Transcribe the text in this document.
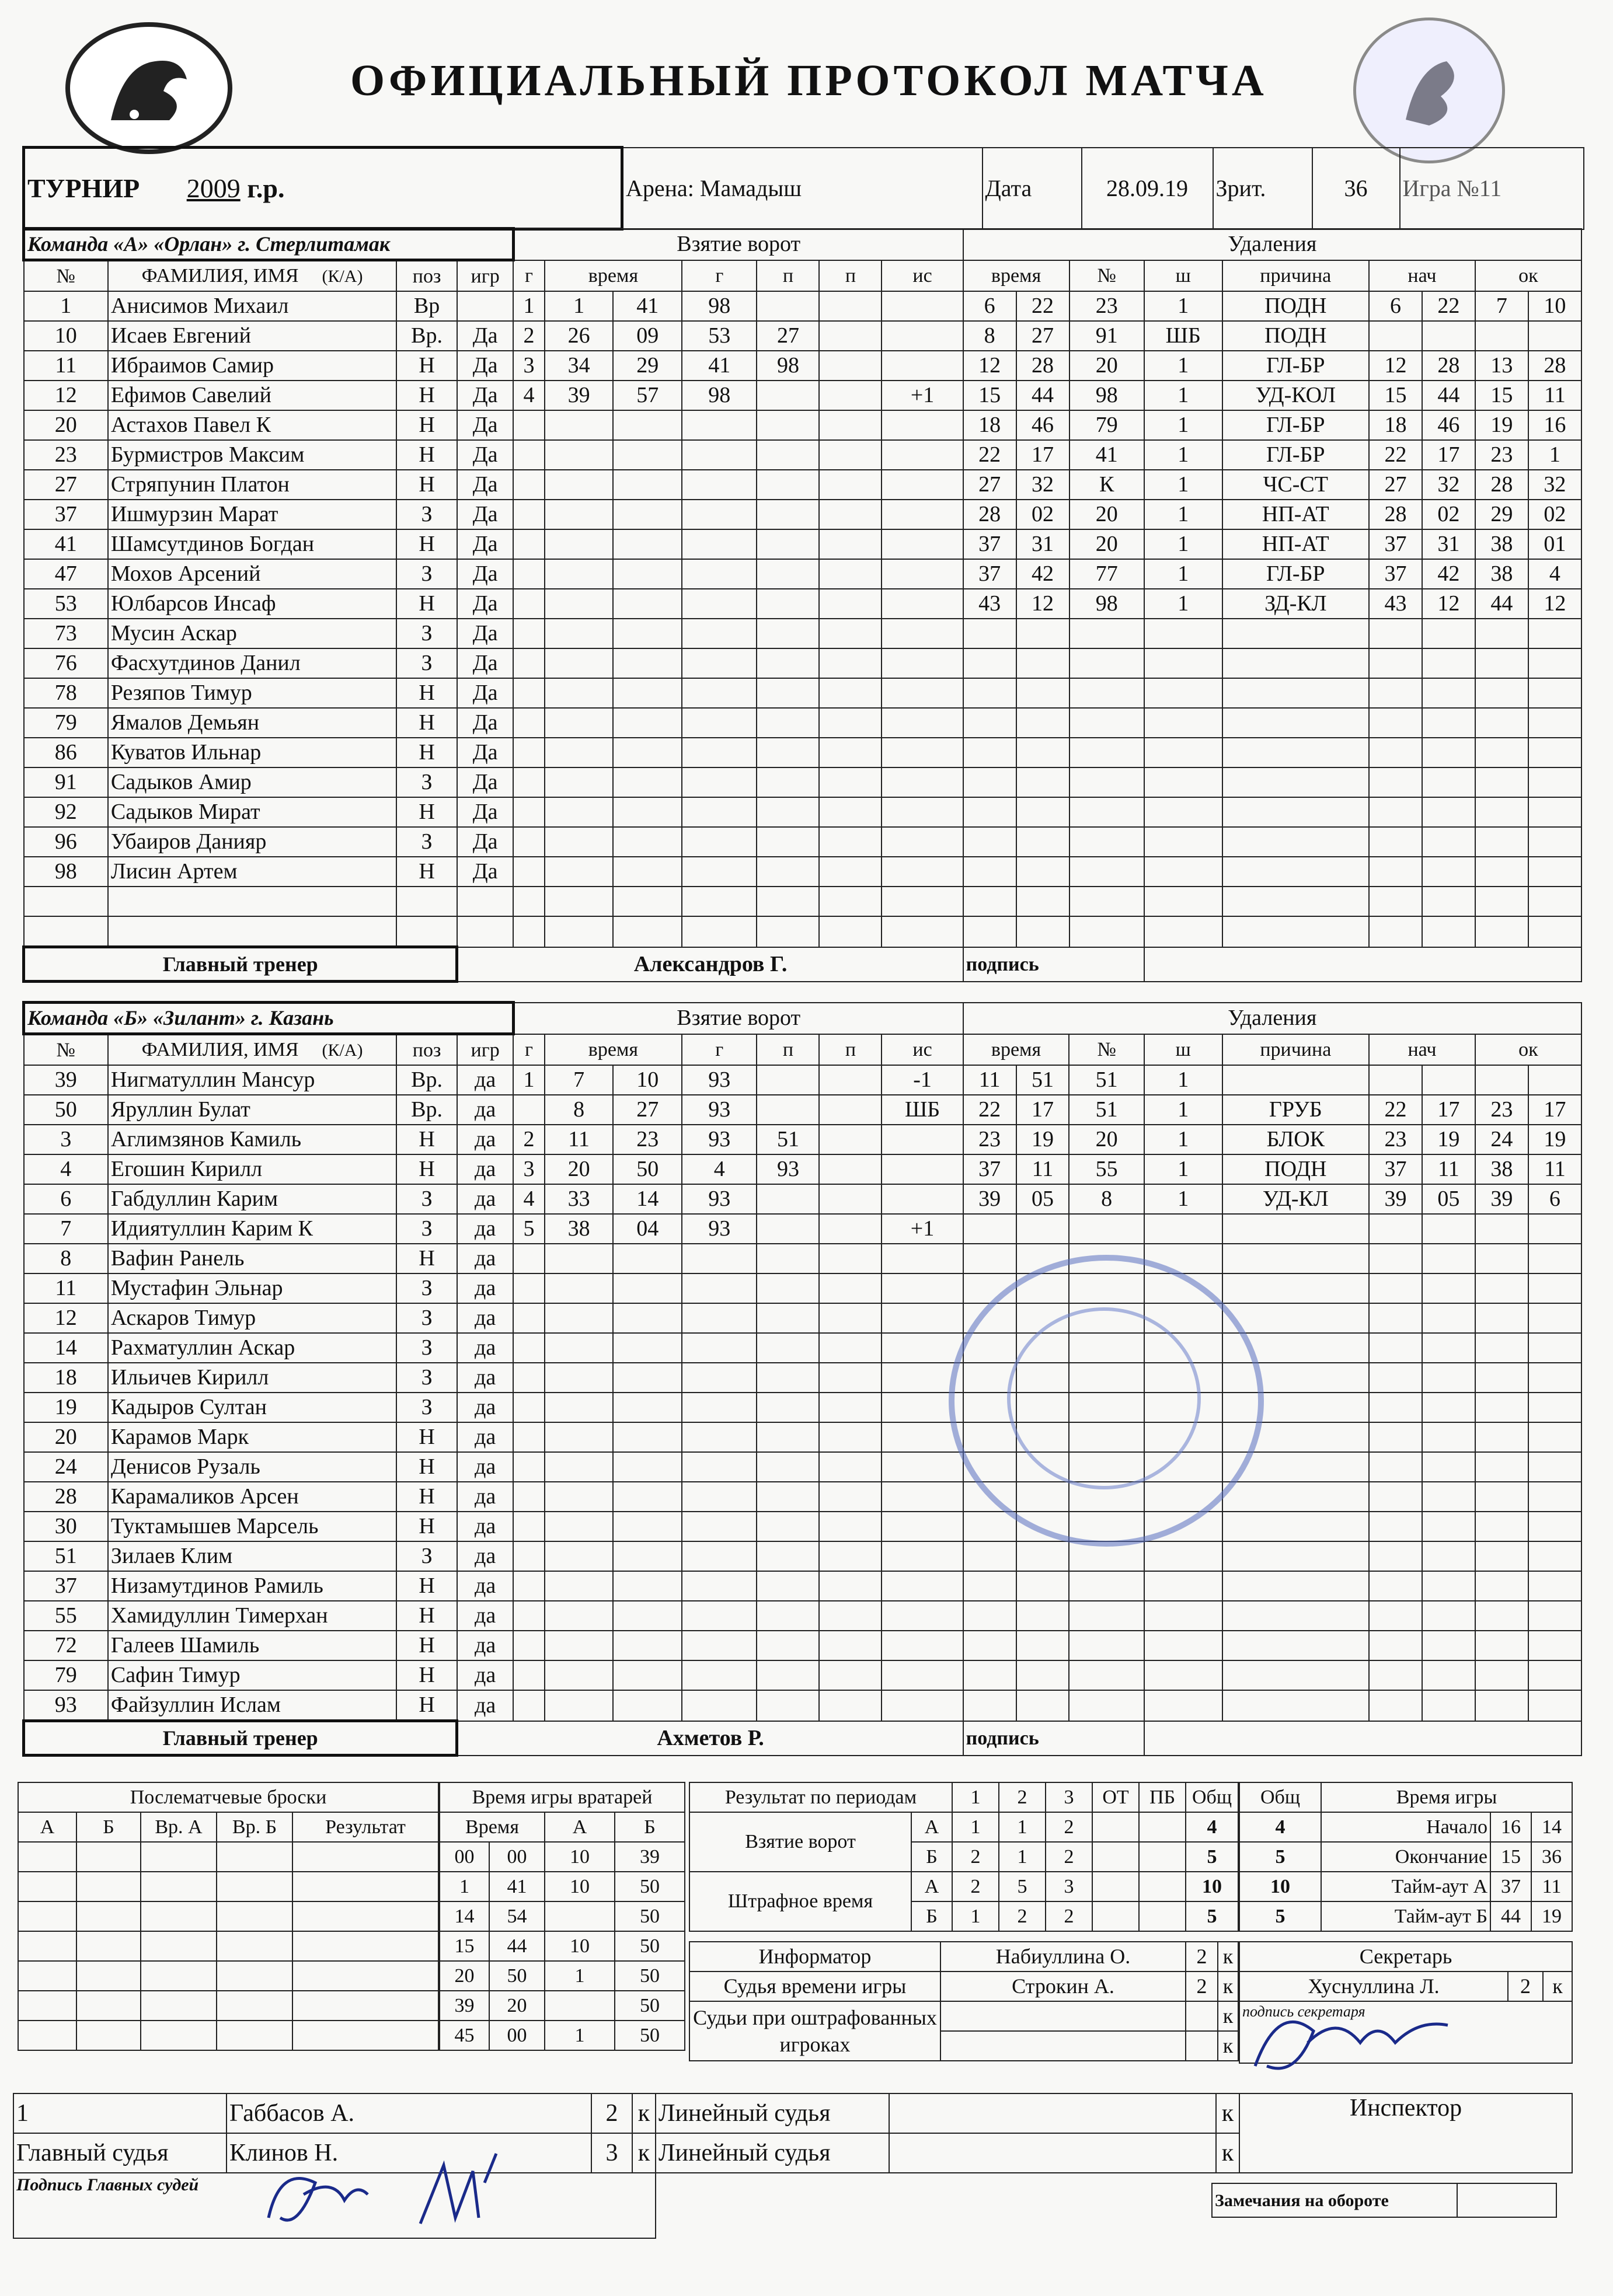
ОФИЦИАЛЬНЫЙ ПРОТОКОЛ МАТЧА
ТУРНИР 2009 г.р.	Арена: Мамадыш	Дата	28.09.19	Зрит.	36	Игра №11
Команда «А» «Орлан» г. Стерлитамак				Взятие ворот							Удаления								
№	ФАМИЛИЯ, ИМЯ (К/А)	поз	игр	г	время		г	п	п	ис	время		№	ш	причина	нач		ок	
1	Анисимов Михаил	Вр		1	1	41	98				6	22	23	1	ПОДН	6	22	7	10
10	Исаев Евгений	Вр.	Да	2	26	09	53	27			8	27	91	ШБ	ПОДН				
11	Ибраимов Самир	Н	Да	3	34	29	41	98			12	28	20	1	ГЛ-БР	12	28	13	28
12	Ефимов Савелий	Н	Да	4	39	57	98			+1	15	44	98	1	УД-КОЛ	15	44	15	11
20	Астахов Павел К	Н	Да								18	46	79	1	ГЛ-БР	18	46	19	16
23	Бурмистров Максим	Н	Да								22	17	41	1	ГЛ-БР	22	17	23	1
27	Стряпунин Платон	Н	Да								27	32	К	1	ЧС-СТ	27	32	28	32
37	Ишмурзин Марат	З	Да								28	02	20	1	НП-АТ	28	02	29	02
41	Шамсутдинов Богдан	Н	Да								37	31	20	1	НП-АТ	37	31	38	01
47	Мохов Арсений	З	Да								37	42	77	1	ГЛ-БР	37	42	38	4
53	Юлбарсов Инсаф	Н	Да								43	12	98	1	ЗД-КЛ	43	12	44	12
73	Мусин Аскар	З	Да																
76	Фасхутдинов Данил	З	Да																
78	Резяпов Тимур	Н	Да																
79	Ямалов Демьян	Н	Да																
86	Куватов Ильнар	Н	Да																
91	Садыков Амир	З	Да																
92	Садыков Мират	Н	Да																
96	Убаиров Данияр	З	Да																
98	Лисин Артем	Н	Да																

Главный тренер			Александров Г.								подпись								
Команда «Б» «Зилант» г. Казань				Взятие ворот							Удаления								
№	ФАМИЛИЯ, ИМЯ (К/А)	поз	игр	г	время		г	п	п	ис	время		№	ш	причина	нач		ок	
39	Нигматуллин Мансур	Вр.	да	1	7	10	93			-1	11	51	51	1					
50	Яруллин Булат	Вр.	да		8	27	93			ШБ	22	17	51	1	ГРУБ	22	17	23	17
3	Аглимзянов Камиль	Н	да	2	11	23	93	51			23	19	20	1	БЛОК	23	19	24	19
4	Егошин Кирилл	Н	да	3	20	50	4	93			37	11	55	1	ПОДН	37	11	38	11
6	Габдуллин Карим	З	да	4	33	14	93				39	05	8	1	УД-КЛ	39	05	39	6
7	Идиятуллин Карим К	З	да	5	38	04	93			+1									
8	Вафин Ранель	Н	да																
11	Мустафин Эльнар	З	да																
12	Аскаров Тимур	З	да																
14	Рахматуллин Аскар	З	да																
18	Ильичев Кирилл	З	да																
19	Кадыров Султан	З	да																
20	Карамов Марк	Н	да																
24	Денисов Рузаль	Н	да																
28	Карамаликов Арсен	Н	да																
30	Туктамышев Марсель	Н	да																
51	Зилаев Клим	З	да																
37	Низамутдинов Рамиль	Н	да																
55	Хамидуллин Тимерхан	Н	да																
72	Галеев Шамиль	Н	да																
79	Сафин Тимур	Н	да																
93	Файзуллин Ислам	Н	да																
Главный тренер			Ахметов Р.								подпись								
Послематчевые броски				
А	Б	Вр. А	Вр. Б	Результат

Время игры вратарей			
Время		А	Б
00	00	10	39
1	41	10	50
14	54		50
15	44	10	50
20	50	1	50
39	20		50
45	00	1	50
Результат по периодам		1	2	3	ОТ	ПБ	Общ
Взятие ворот	А	1	1	2			4
	Б	2	1	2			5
Штрафное время	А	2	5	3			10
	Б	1	2	2			5
Общ	Время игры		
4	Начало	16	14
5	Окончание	15	36
10	Тайм-аут А	37	11
5	Тайм-аут Б	44	19
Информатор	Набиуллина О.	2	к
Судья времени игры	Строкин А.	2	к
Судьи при оштрафованных игроках			к
			к
Секретарь
Хуснуллина Л.	2	к
подпись секретаря
1	Габбасов А.	2	к
Главный судья	Клинов Н.	3	к
Подпись Главных судей			
Линейный судья		к	Инспектор
Линейный судья		к	
Замечания на обороте	
